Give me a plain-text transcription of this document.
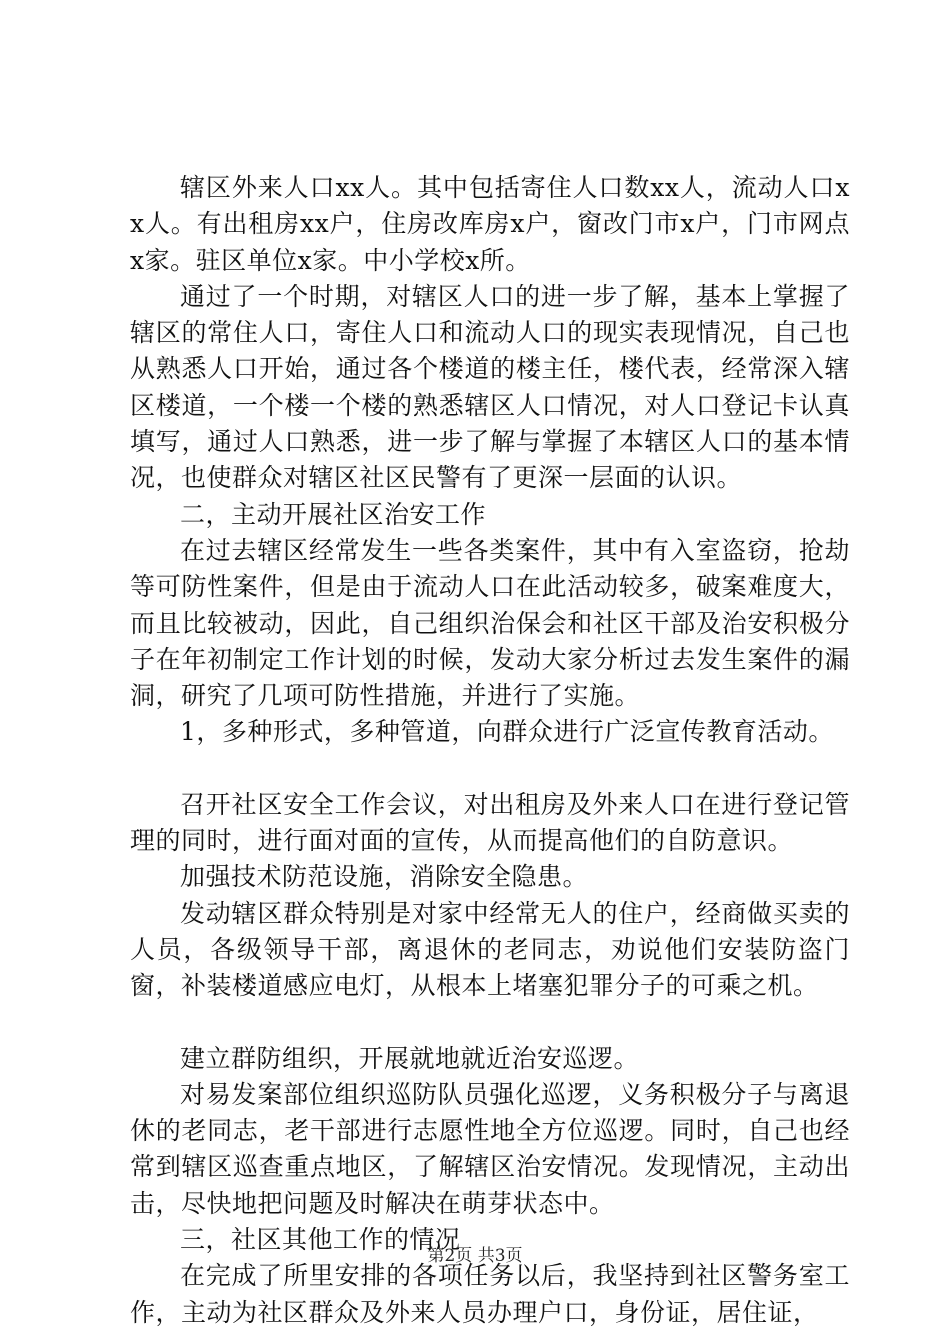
辖区外来人口xx人。其中包括寄住人口数xx人，流动人口xx人。有出租房xx户，住房改库房x户，窗改门市x户，门市网点x家。驻区单位x家。中小学校x所。

通过了一个时期，对辖区人口的进一步了解，基本上掌握了辖区的常住人口，寄住人口和流动人口的现实表现情况，自己也从熟悉人口开始，通过各个楼道的楼主任，楼代表，经常深入辖区楼道，一个楼一个楼的熟悉辖区人口情况，对人口登记卡认真填写，通过人口熟悉，进一步了解与掌握了本辖区人口的基本情况，也使群众对辖区社区民警有了更深一层面的认识。

二，主动开展社区治安工作

在过去辖区经常发生一些各类案件，其中有入室盗窃，抢劫等可防性案件，但是由于流动人口在此活动较多，破案难度大，而且比较被动，因此，自己组织治保会和社区干部及治安积极分子在年初制定工作计划的时候，发动大家分析过去发生案件的漏洞，研究了几项可防性措施，并进行了实施。

1，多种形式，多种管道，向群众进行广泛宣传教育活动。

召开社区安全工作会议，对出租房及外来人口在进行登记管理的同时，进行面对面的宣传，从而提高他们的自防意识。

加强技术防范设施，消除安全隐患。

发动辖区群众特别是对家中经常无人的住户，经商做买卖的人员，各级领导干部，离退休的老同志，劝说他们安装防盗门窗，补装楼道感应电灯，从根本上堵塞犯罪分子的可乘之机。

建立群防组织，开展就地就近治安巡逻。

对易发案部位组织巡防队员强化巡逻，义务积极分子与离退休的老同志，老干部进行志愿性地全方位巡逻。同时，自己也经常到辖区巡查重点地区，了解辖区治安情况。发现情况，主动出击，尽快地把问题及时解决在萌芽状态中。

三，社区其他工作的情况

在完成了所里安排的各项任务以后，我坚持到社区警务室工作，主动为社区群众及外来人员办理户口，身份证，居住证，

第2页 共3页
